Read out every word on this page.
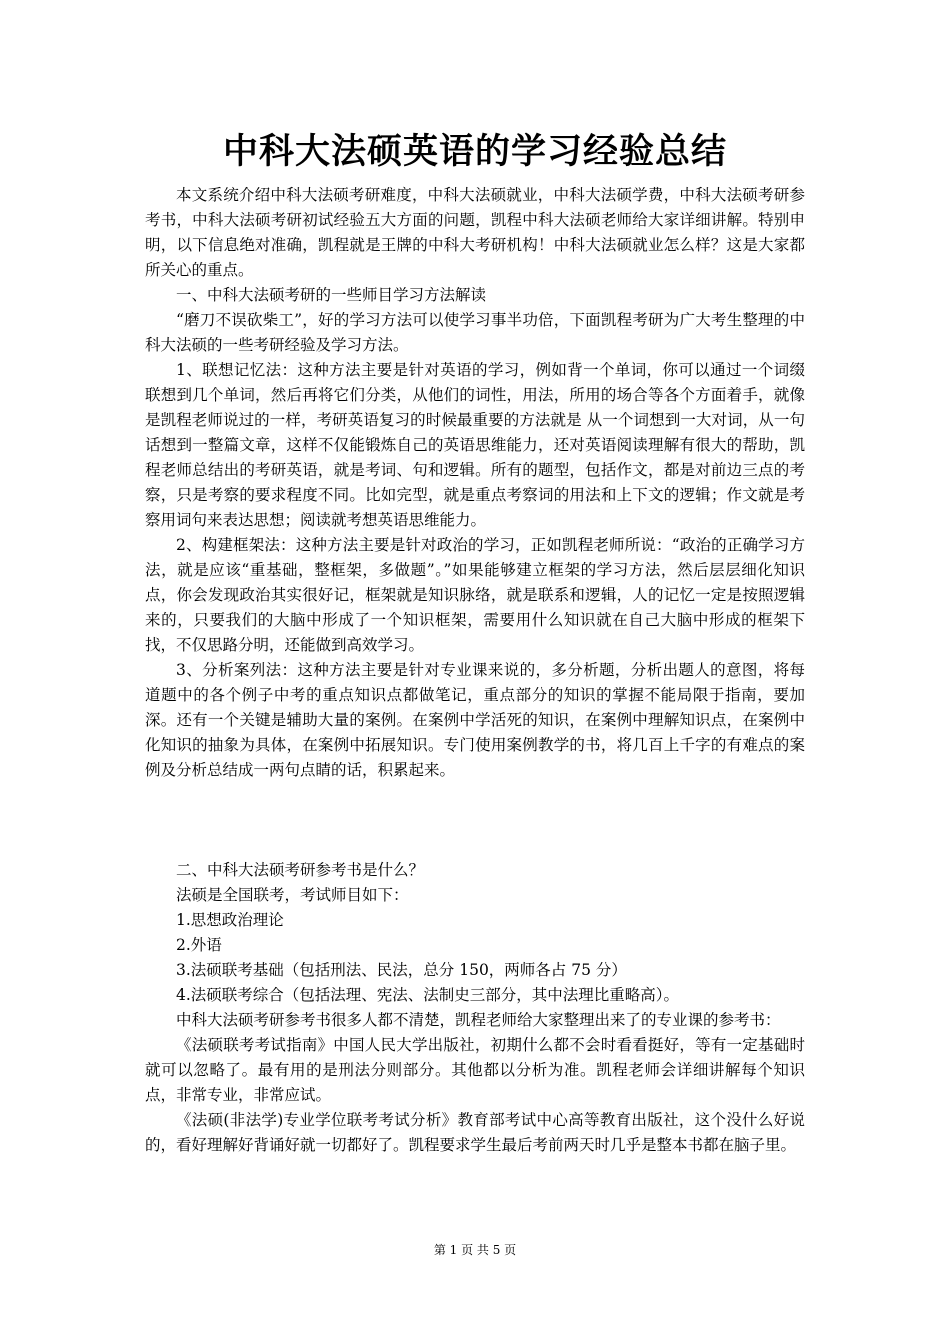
中科大法硕英语的学习经验总结

本文系统介绍中科大法硕考研难度，中科大法硕就业，中科大法硕学费，中科大法硕考研参考书，中科大法硕考研初试经验五大方面的问题，凯程中科大法硕老师给大家详细讲解。特别申明，以下信息绝对准确，凯程就是王牌的中科大考研机构！中科大法硕就业怎么样？这是大家都所关心的重点。

一、中科大法硕考研的一些师目学习方法解读

“磨刀不误砍柴工”，好的学习方法可以使学习事半功倍，下面凯程考研为广大考生整理的中科大法硕的一些考研经验及学习方法。

1、联想记忆法：这种方法主要是针对英语的学习，例如背一个单词，你可以通过一个词缀联想到几个单词，然后再将它们分类，从他们的词性，用法，所用的场合等各个方面着手，就像是凯程老师说过的一样，考研英语复习的时候最重要的方法就是 从一个词想到一大对词，从一句话想到一整篇文章，这样不仅能锻炼自己的英语思维能力，还对英语阅读理解有很大的帮助，凯程老师总结出的考研英语，就是考词、句和逻辑。所有的题型，包括作文，都是对前边三点的考察，只是考察的要求程度不同。比如完型，就是重点考察词的用法和上下文的逻辑；作文就是考察用词句来表达思想；阅读就考想英语思维能力。

2、构建框架法：这种方法主要是针对政治的学习，正如凯程老师所说：“政治的正确学习方法，就是应该“重基础，整框架，多做题”。”如果能够建立框架的学习方法，然后层层细化知识点，你会发现政治其实很好记，框架就是知识脉络，就是联系和逻辑，人的记忆一定是按照逻辑来的，只要我们的大脑中形成了一个知识框架，需要用什么知识就在自己大脑中形成的框架下找，不仅思路分明，还能做到高效学习。

3、分析案列法：这种方法主要是针对专业课来说的，多分析题，分析出题人的意图，将每道题中的各个例子中考的重点知识点都做笔记，重点部分的知识的掌握不能局限于指南，要加深。还有一个关键是辅助大量的案例。在案例中学活死的知识，在案例中理解知识点，在案例中化知识的抽象为具体，在案例中拓展知识。专门使用案例教学的书，将几百上千字的有难点的案例及分析总结成一两句点睛的话，积累起来。

二、中科大法硕考研参考书是什么？

法硕是全国联考，考试师目如下：

1.思想政治理论

2.外语

3.法硕联考基础（包括刑法、民法，总分 150，两师各占 75 分）

4.法硕联考综合（包括法理、宪法、法制史三部分，其中法理比重略高）。

中科大法硕考研参考书很多人都不清楚，凯程老师给大家整理出来了的专业课的参考书：

《法硕联考考试指南》中国人民大学出版社，初期什么都不会时看看挺好，等有一定基础时就可以忽略了。最有用的是刑法分则部分。其他都以分析为准。凯程老师会详细讲解每个知识点，非常专业，非常应试。

《法硕(非法学)专业学位联考考试分析》教育部考试中心高等教育出版社，这个没什么好说的，看好理解好背诵好就一切都好了。凯程要求学生最后考前两天时几乎是整本书都在脑子里。

第 1 页 共 5 页
